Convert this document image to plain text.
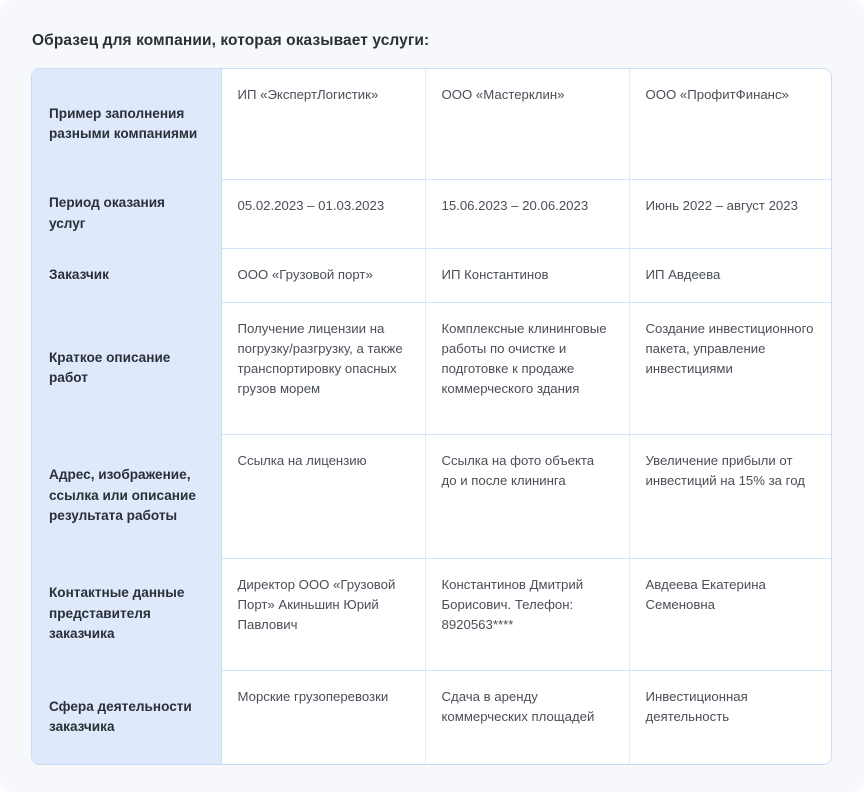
Образец для компании, которая оказывает услуги:
Пример заполнения разными компаниями	ИП «ЭкспертЛогистик»	ООО «Мастерклин»	ООО «ПрофитФинанс»
Период оказания услуг	05.02.2023 – 01.03.2023	15.06.2023 – 20.06.2023	Июнь 2022 – август 2023
Заказчик	ООО «Грузовой порт»	ИП Константинов	ИП Авдеева
Краткое описание работ	Получение лицензии на погрузку/разгрузку, а также транспортировку опасных грузов морем	Комплексные клининговые работы по очистке и подготовке к продаже коммерческого здания	Создание инвестиционного пакета, управление инвестициями
Адрес, изображение, ссылка или описание результата работы	Ссылка на лицензию	Ссылка на фото объекта до и после клининга	Увеличение прибыли от инвестиций на 15% за год
Контактные данные представителя заказчика	Директор ООО «Грузовой Порт» Акиньшин Юрий Павлович	Константинов Дмитрий Борисович. Телефон: 8920563****	Авдеева Екатерина Семеновна
Сфера деятельности заказчика	Морские грузоперевозки	Сдача в аренду коммерческих площадей	Инвестиционная деятельность
